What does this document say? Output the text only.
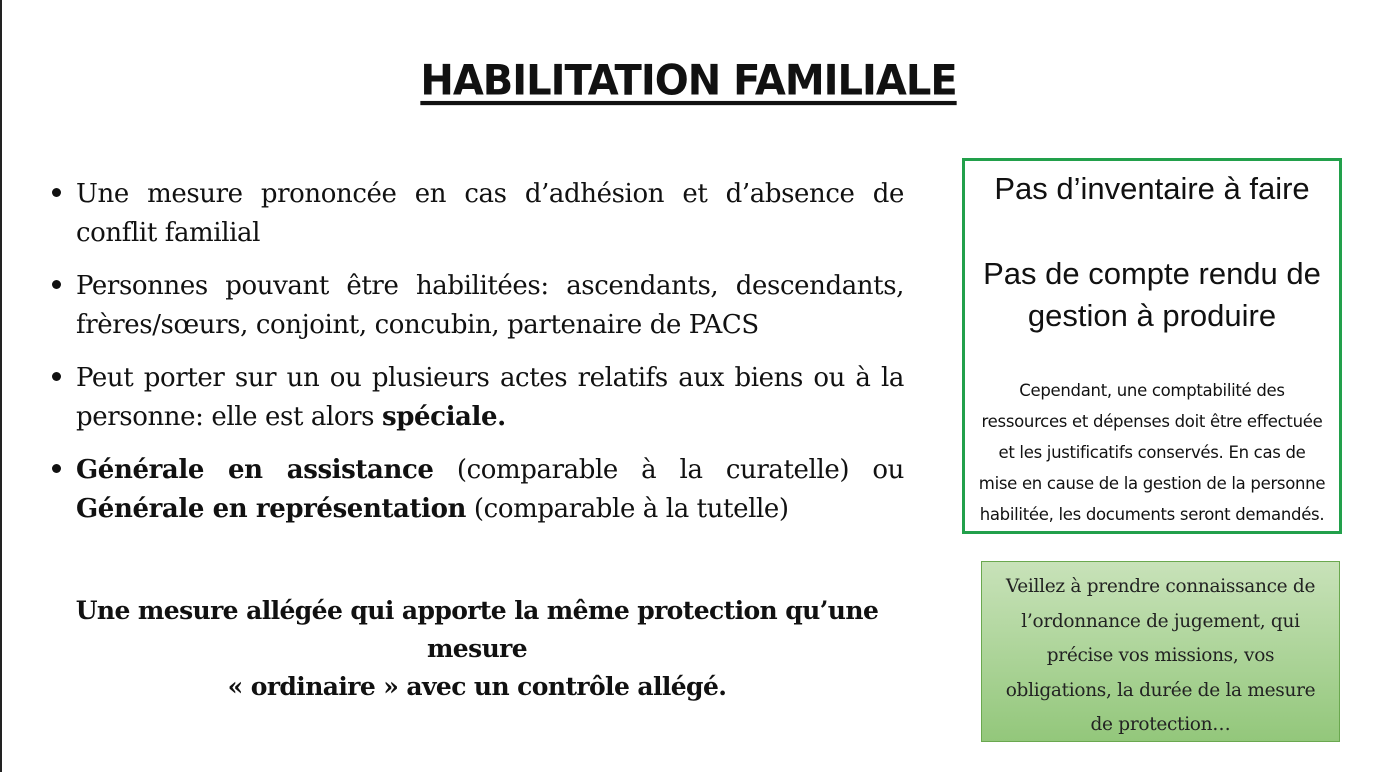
HABILITATION FAMILIALE
Une mesure prononcée en cas d’adhésion et d’absence de conflit familial
Personnes pouvant être habilitées: ascendants, descendants, frères/sœurs, conjoint, concubin, partenaire de PACS
Peut porter sur un ou plusieurs actes relatifs aux biens ou à la personne: elle est alors spéciale.
Générale en assistance (comparable à la curatelle) ou Générale en représentation (comparable à la tutelle)
Une mesure allégée qui apporte la même protection qu’une mesure
« ordinaire » avec un contrôle allégé.
Pas d’inventaire à faire
Pas de compte rendu de gestion à produire
Cependant, une comptabilité des ressources et dépenses doit être effectuée et les justificatifs conservés. En cas de mise en cause de la gestion de la personne habilitée, les documents seront demandés.
Veillez à prendre connaissance de l’ordonnance de jugement, qui précise vos missions, vos obligations, la durée de la mesure de protection…
